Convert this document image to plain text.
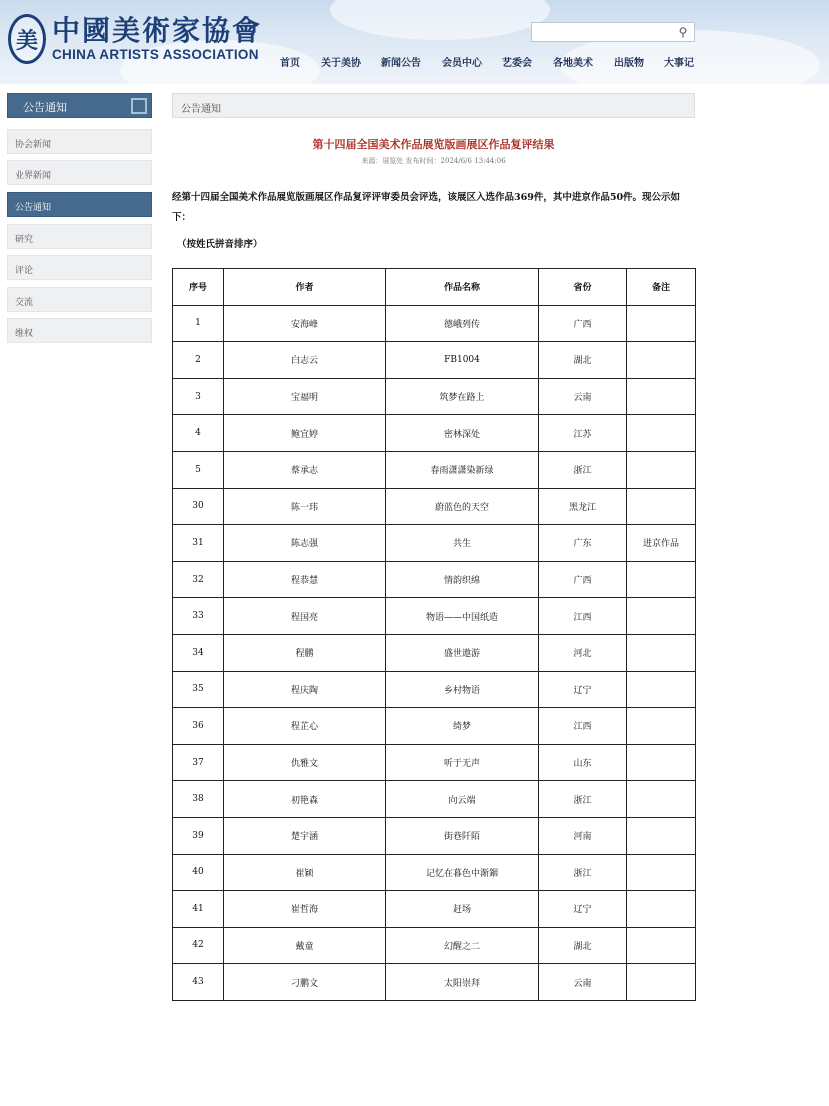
美 中國美術家協會
CHINA ARTISTS ASSOCIATION
⚲
首页 关于美协 新闻公告 会员中心 艺委会 各地美术 出版物 大事记
公告通知
协会新闻
业界新闻
公告通知
研究
评论
交流
维权
公告通知
第十四届全国美术作品展览版画展区作品复评结果
来源：展览处 发布时间：2024/6/6 13:44:06
经第十四届全国美术作品展览版画展区作品复评评审委员会评选，该展区入选作品369件，其中进京作品50件。现公示如下：
（按姓氏拼音排序）
序号	作者	作品名称	省份	备注
1	安海峰	德峨列传	广西	
2	白志云	FB1004	湖北	
3	宝福明	筑梦在路上	云南	
4	鲍宜婷	密林深处	江苏	
5	蔡承志	春雨潇潇染新绿	浙江	
30	陈一玮	蔚蓝色的天空	黑龙江	
31	陈志强	共生	广东	进京作品
32	程恭慧	情韵织绵	广西	
33	程国亮	物语——中国纸造	江西	
34	程鹏	盛世遨游	河北	
35	程庆陶	乡村物语	辽宁	
36	程芷心	绮梦	江西	
37	仇雅文	听于无声	山东	
38	初艳森	向云端	浙江	
39	楚宇涵	街巷阡陌	河南	
40	崔颖	记忆在暮色中渐銦	浙江	
41	崔哲海	赶场	辽宁	
42	戴童	幻醒之二	湖北	
43	刁鹏文	太阳崇拜	云南	
